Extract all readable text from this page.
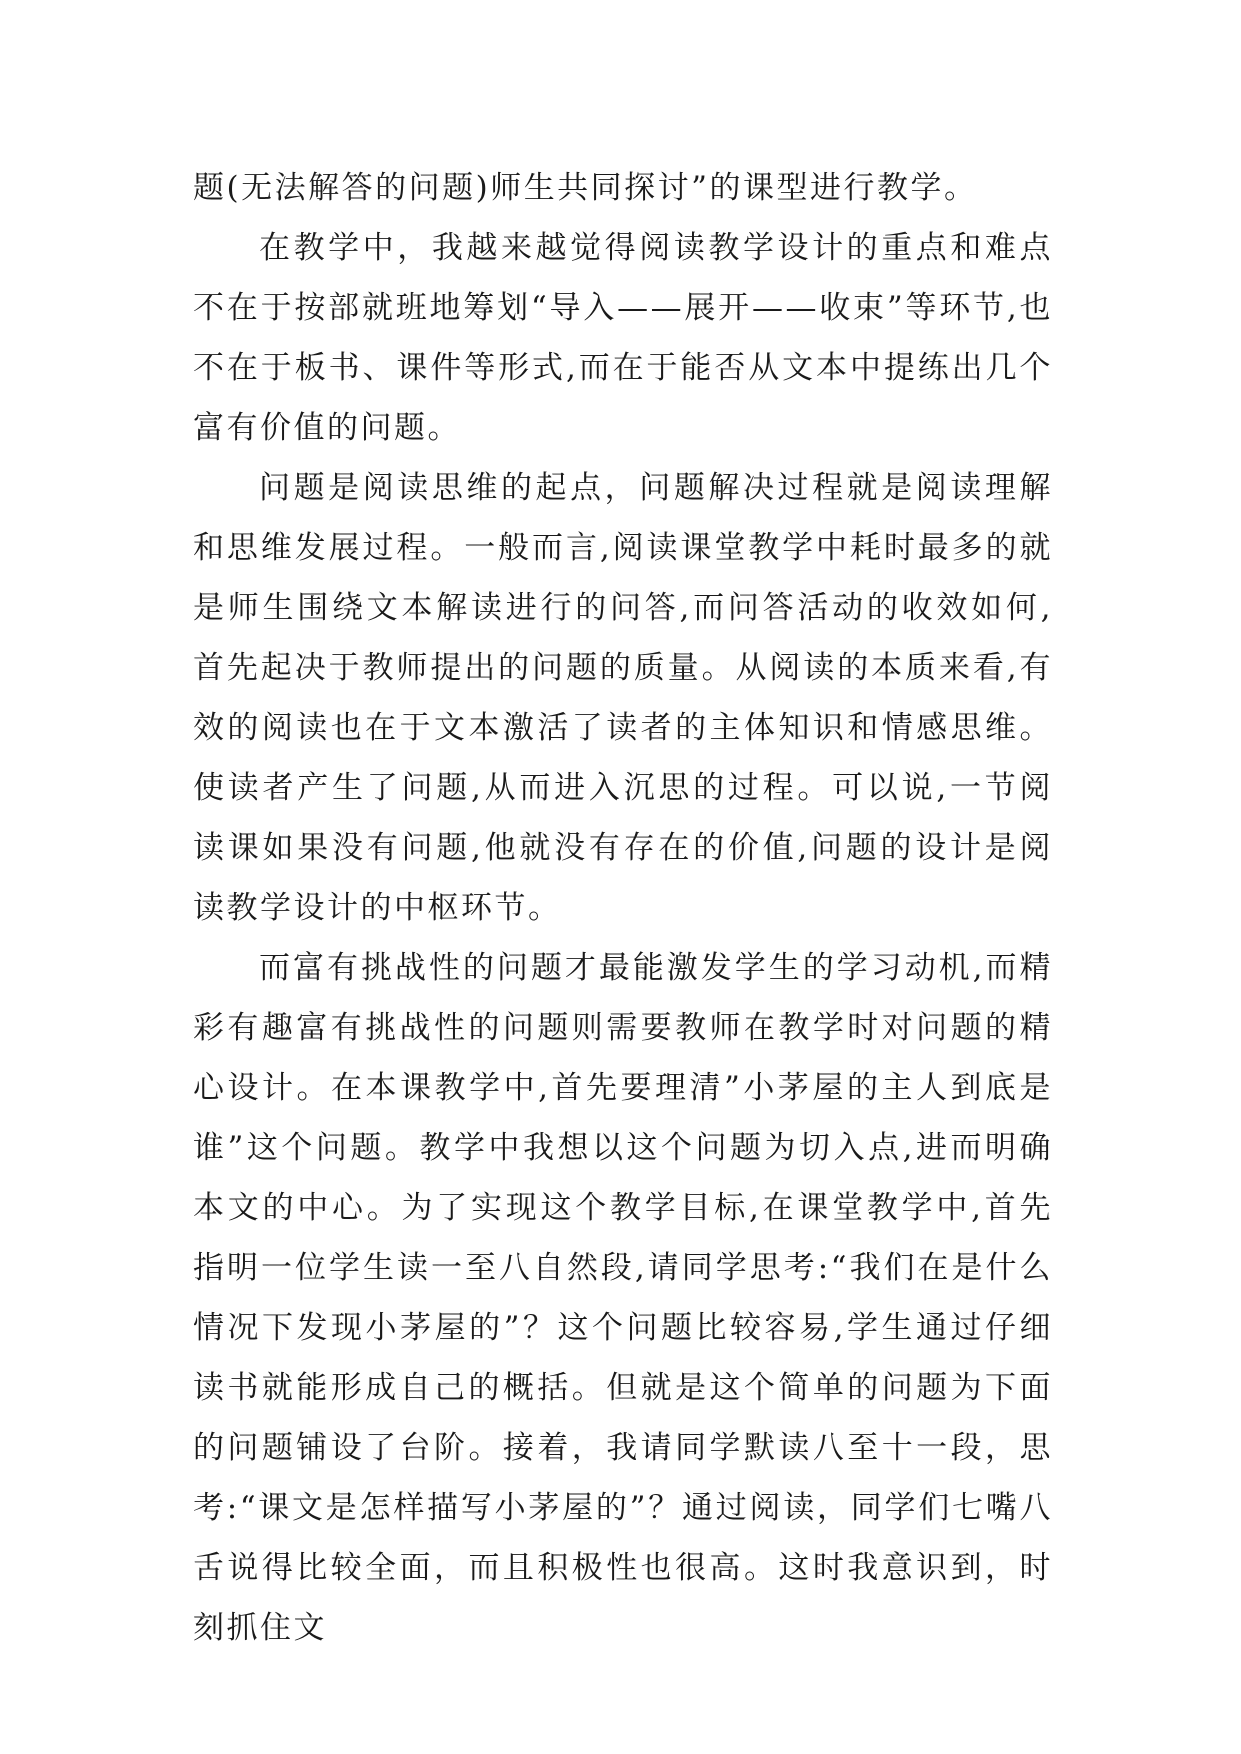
题(无法解答的问题)师生共同探讨”的课型进行教学。

在教学中，我越来越觉得阅读教学设计的重点和难点不在于按部就班地筹划“导入——展开——收束”等环节,也不在于板书、课件等形式,而在于能否从文本中提练出几个富有价值的问题。

问题是阅读思维的起点，问题解决过程就是阅读理解和思维发展过程。一般而言,阅读课堂教学中耗时最多的就是师生围绕文本解读进行的问答,而问答活动的收效如何,首先起决于教师提出的问题的质量。从阅读的本质来看,有效的阅读也在于文本激活了读者的主体知识和情感思维。使读者产生了问题,从而进入沉思的过程。可以说,一节阅读课如果没有问题,他就没有存在的价值,问题的设计是阅读教学设计的中枢环节。

而富有挑战性的问题才最能激发学生的学习动机,而精彩有趣富有挑战性的问题则需要教师在教学时对问题的精心设计。在本课教学中,首先要理清”小茅屋的主人到底是谁”这个问题。教学中我想以这个问题为切入点,进而明确本文的中心。为了实现这个教学目标,在课堂教学中,首先指明一位学生读一至八自然段,请同学思考:“我们在是什么情况下发现小茅屋的”？这个问题比较容易,学生通过仔细读书就能形成自己的概括。但就是这个简单的问题为下面的问题铺设了台阶。接着，我请同学默读八至十一段，思考:“课文是怎样描写小茅屋的”？通过阅读，同学们七嘴八舌说得比较全面，而且积极性也很高。这时我意识到，时刻抓住文
